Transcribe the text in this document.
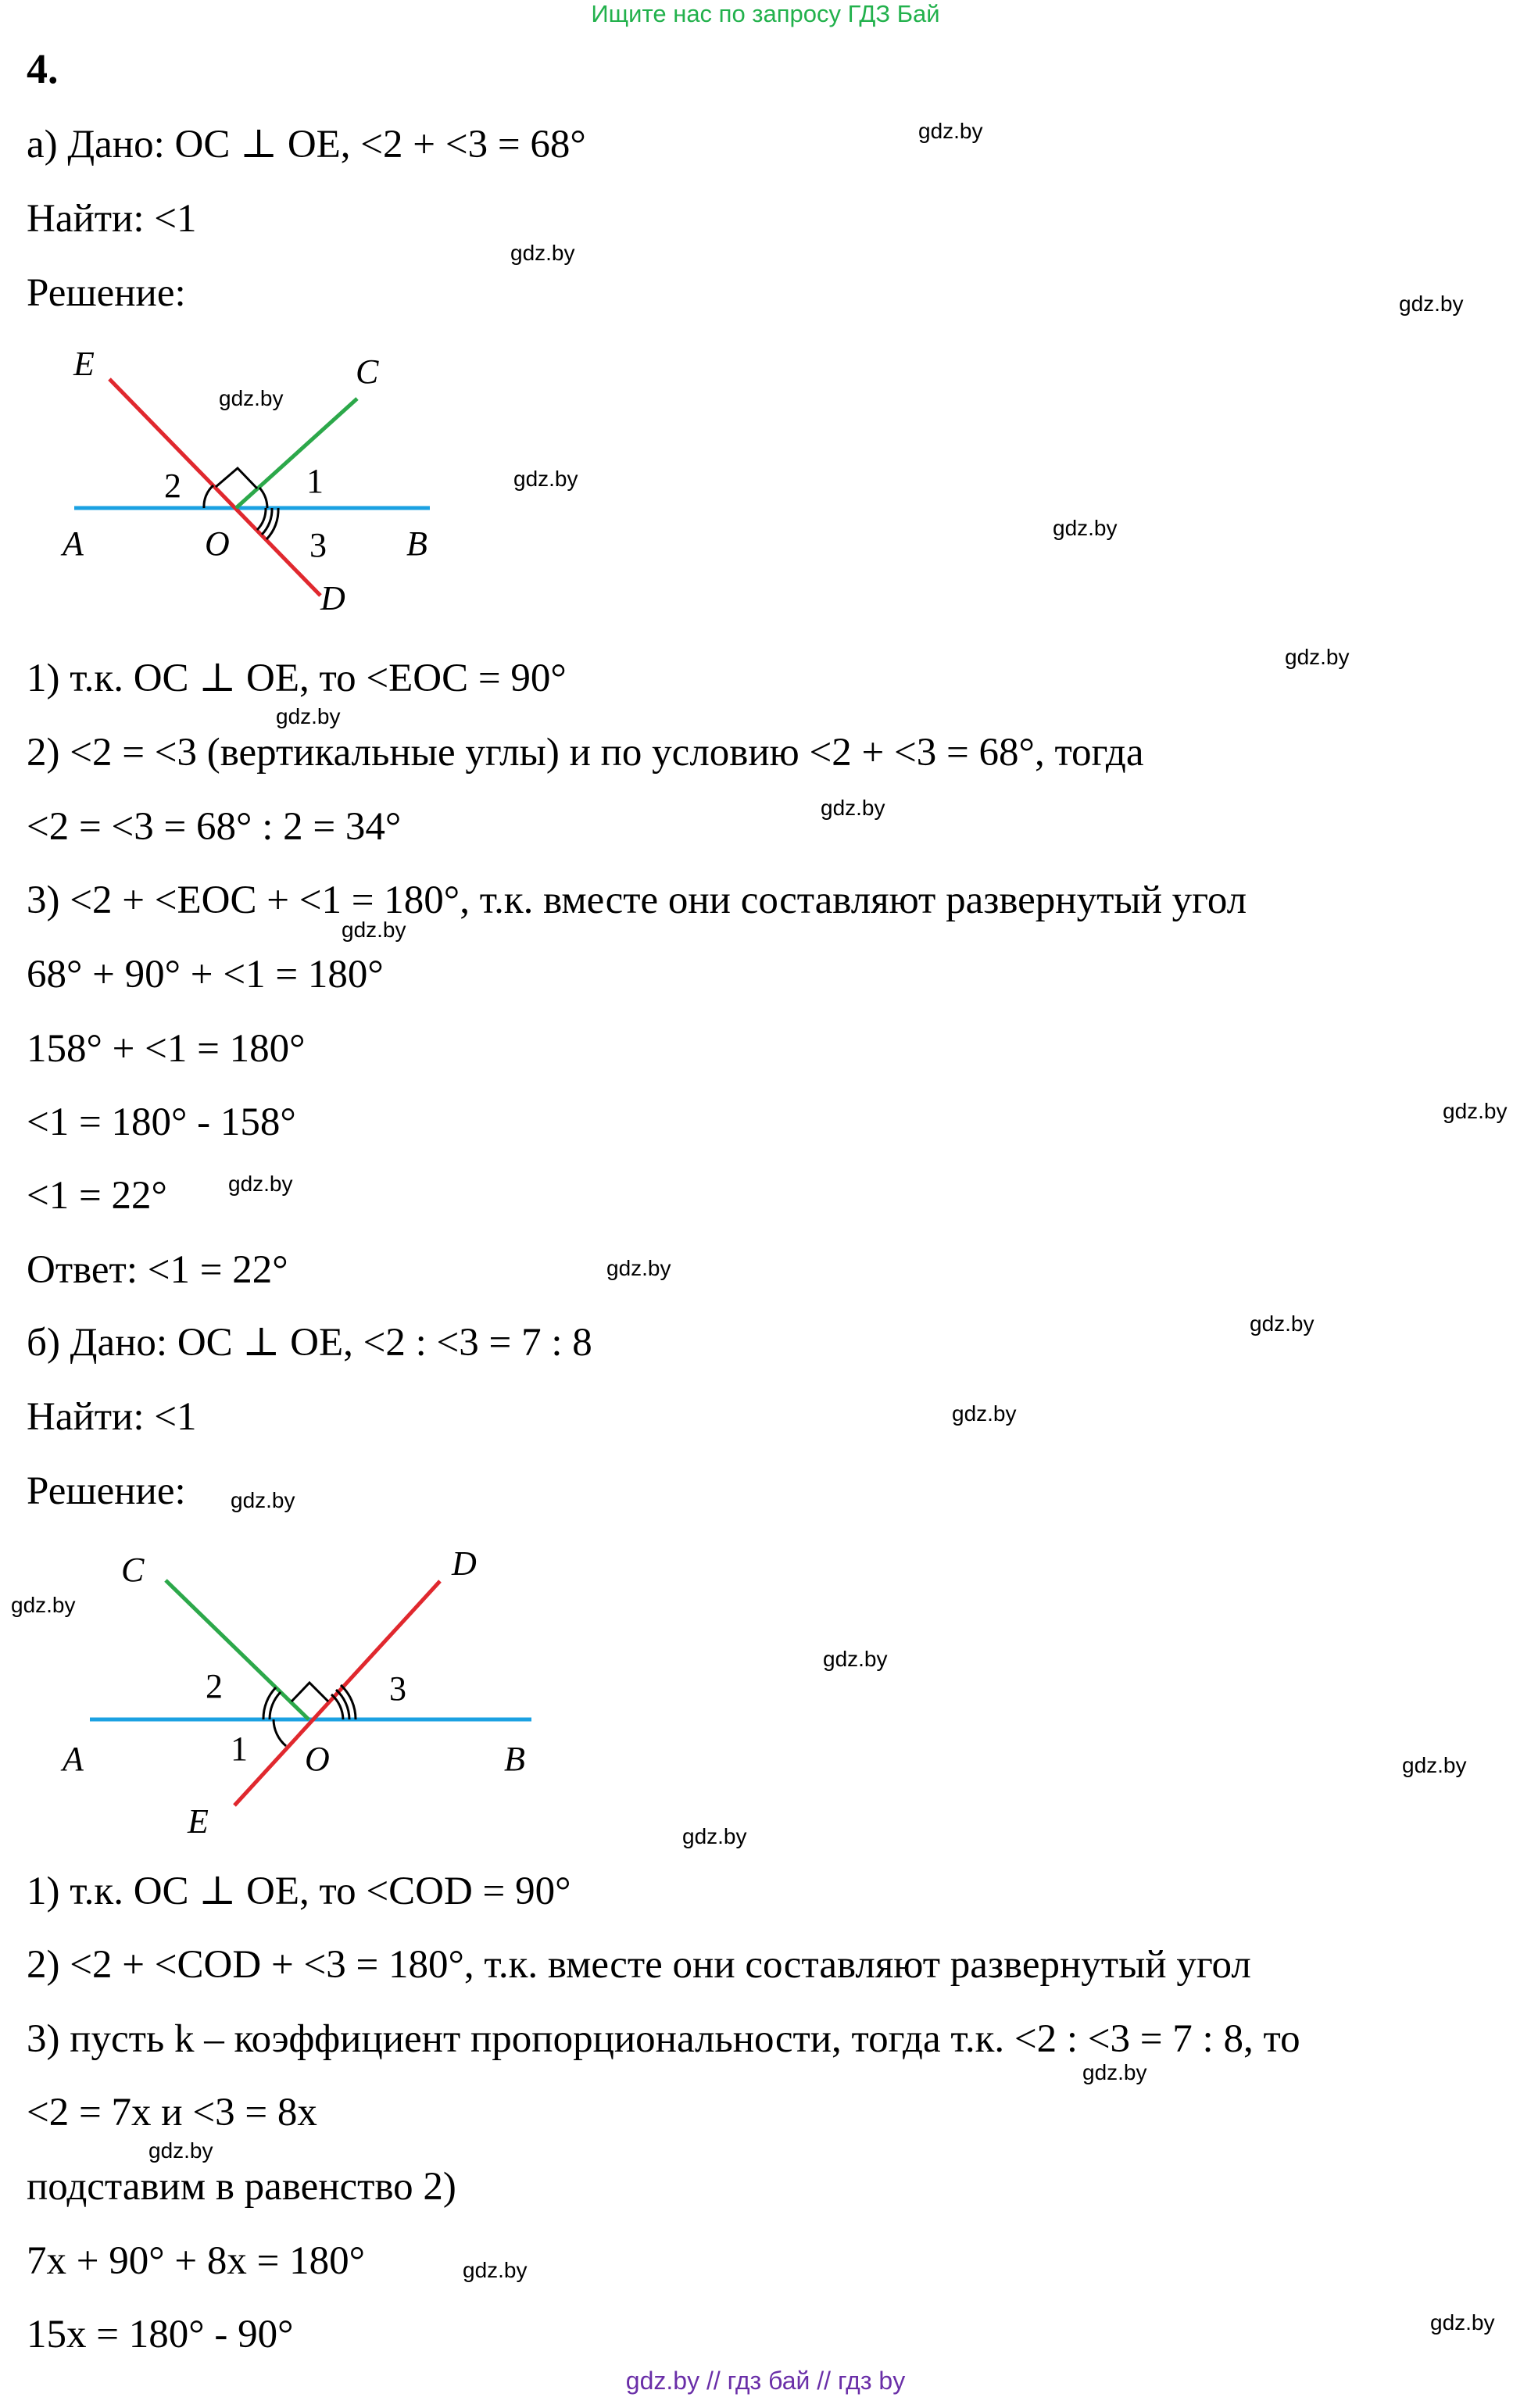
Ищите нас по запросу ГДЗ Бай
4.
а) Дано: OC ⊥ OE, <2 + <3 = 68°
Найти: <1
Решение:
E	C
A	O	B
D
2	1
3
1) т.к. OC ⊥ OE, то <EOC = 90°
2) <2 = <3 (вертикальные углы) и по условию <2 + <3 = 68°, тогда
<2 = <3 = 68° : 2 = 34°
3) <2 + <EOC + <1 = 180°, т.к. вместе они составляют развернутый угол
68° + 90° + <1 = 180°
158° + <1 = 180°
<1 = 180° - 158°
<1 = 22°
Ответ: <1 = 22°
б) Дано: OC ⊥ OE, <2 : <3 = 7 : 8
Найти: <1
Решение:
C	D
A	O	B
E
2	3
1
1) т.к. OC ⊥ OE, то <COD = 90°
2) <2 + <COD + <3 = 180°, т.к. вместе они составляют развернутый угол
3) пусть k – коэффициент пропорциональности, тогда т.к. <2 : <3 = 7 : 8, то
<2 = 7x и <3 = 8x
подставим в равенство 2)
7x + 90° + 8x = 180°
15x = 180° - 90°
gdz.by
gdz.by
gdz.by
gdz.by
gdz.by
gdz.by
gdz.by
gdz.by
gdz.by
gdz.by
gdz.by
gdz.by
gdz.by
gdz.by
gdz.by
gdz.by
gdz.by
gdz.by
gdz.by
gdz.by
gdz.by
gdz.by
gdz.by
gdz.by
gdz.by // гдз бай // гдз by
